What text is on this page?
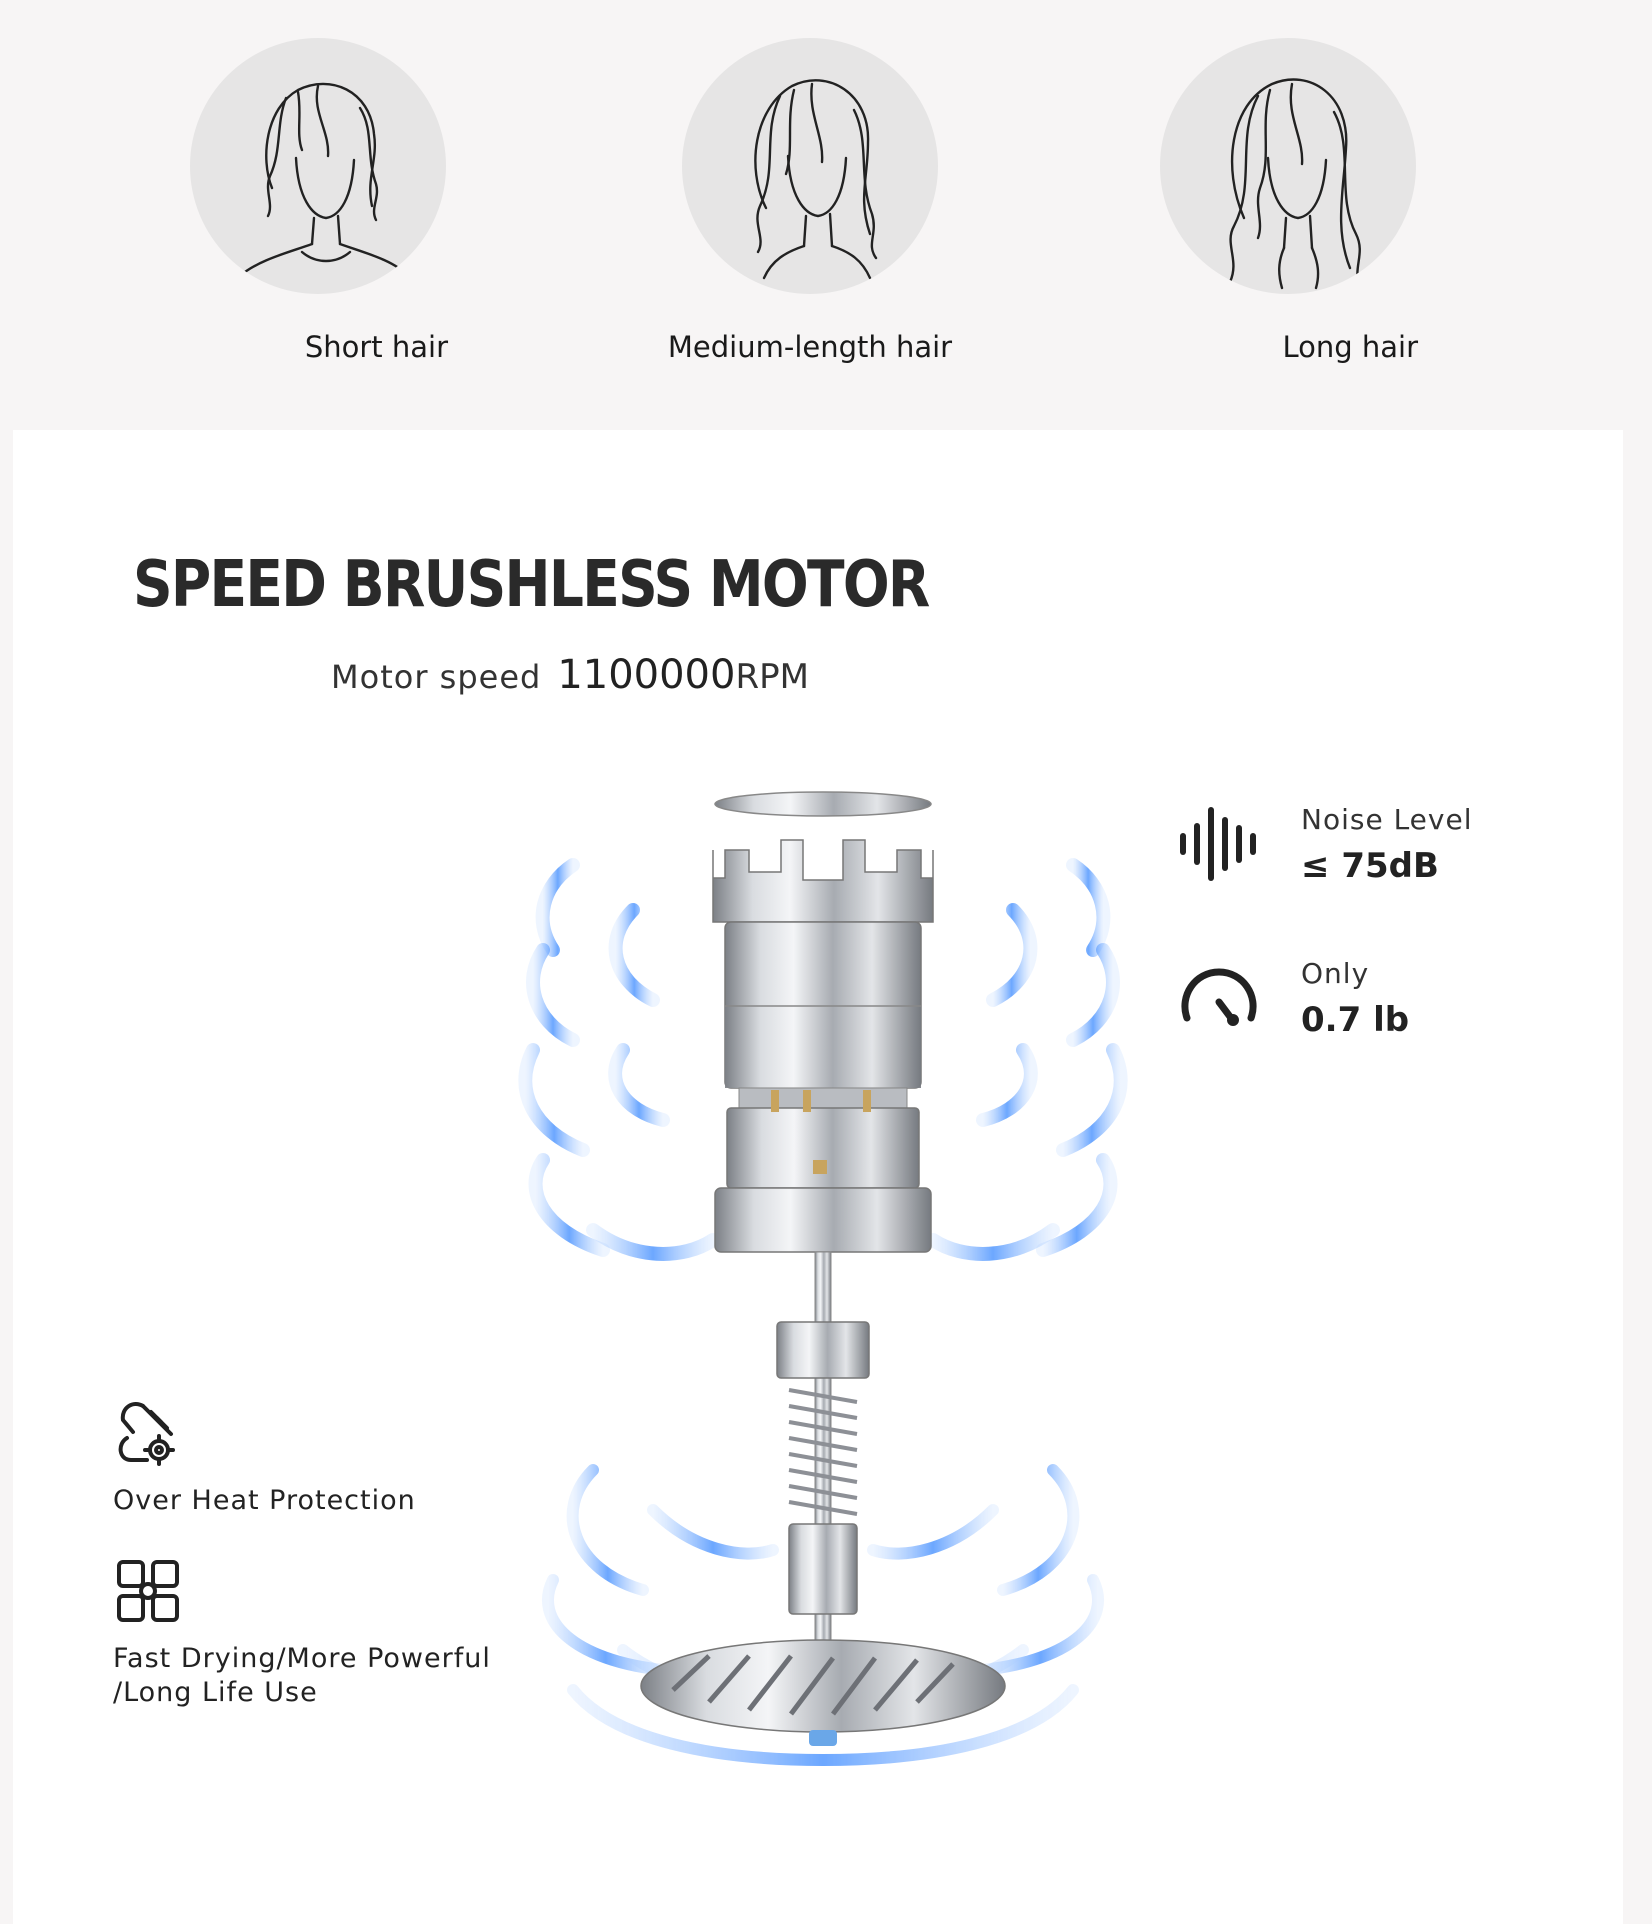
Short hair	Medium-length hair	Long hair
SPEED BRUSHLESS MOTOR
Motor speed 1100000RPM
Noise Level
≤ 75dB
Only
0.7 lb
Over Heat Protection
Fast Drying/More Powerful
/Long Life Use
